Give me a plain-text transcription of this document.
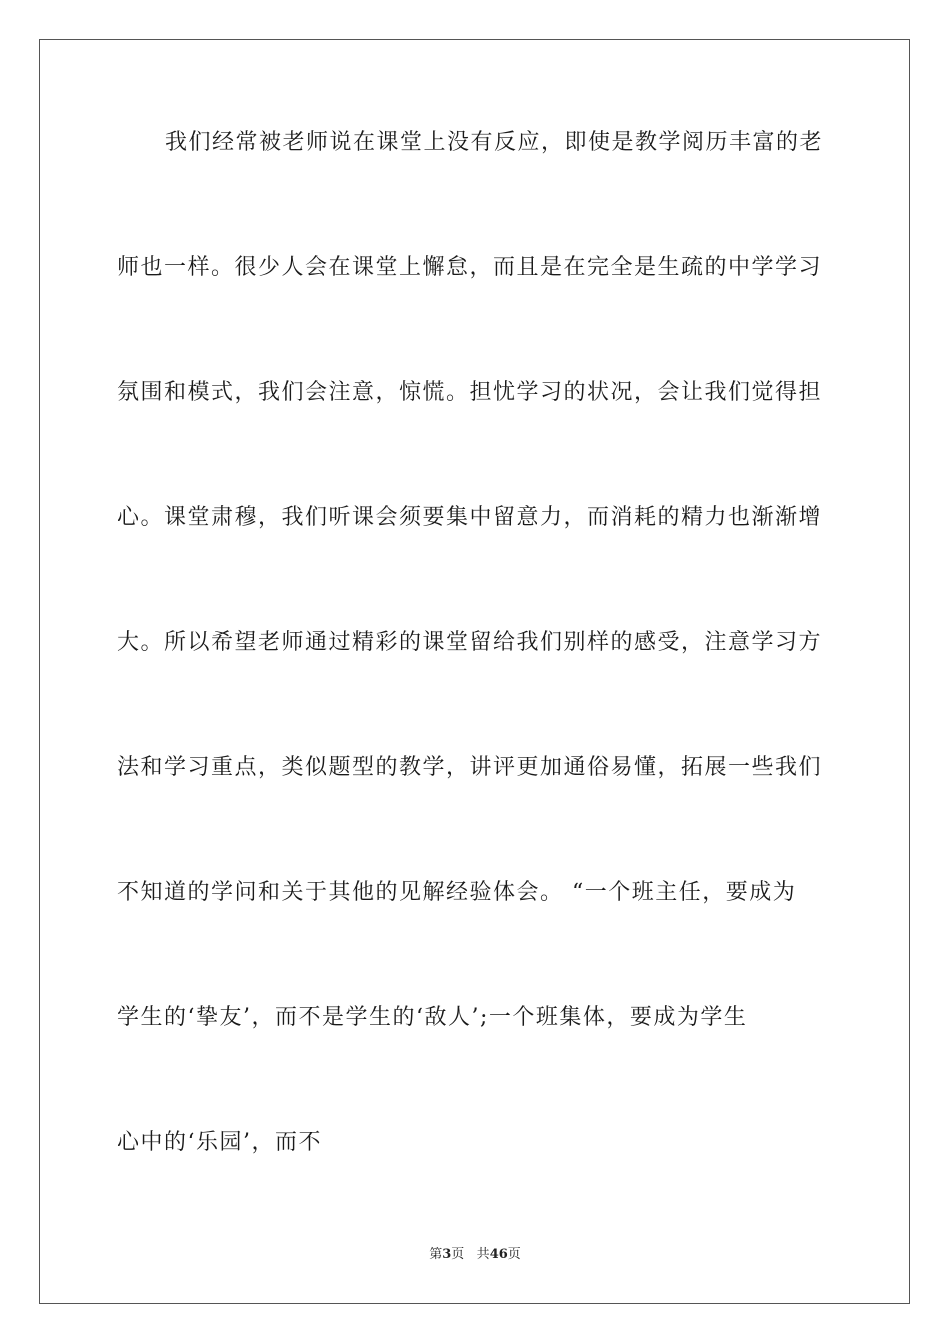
我们经常被老师说在课堂上没有反应，即使是教学阅历丰富的老
师也一样。很少人会在课堂上懈怠，而且是在完全是生疏的中学学习
氛围和模式，我们会注意，惊慌。担忧学习的状况，会让我们觉得担
心。课堂肃穆，我们听课会须要集中留意力，而消耗的精力也渐渐增
大。所以希望老师通过精彩的课堂留给我们别样的感受，注意学习方
法和学习重点，类似题型的教学，讲评更加通俗易懂，拓展一些我们
不知道的学问和关于其他的见解经验体会。 “一个班主任，要成为
学生的‘挚友’，而不是学生的‘敌人’;一个班集体，要成为学生
心中的‘乐园’，而不
第3页 共46页
